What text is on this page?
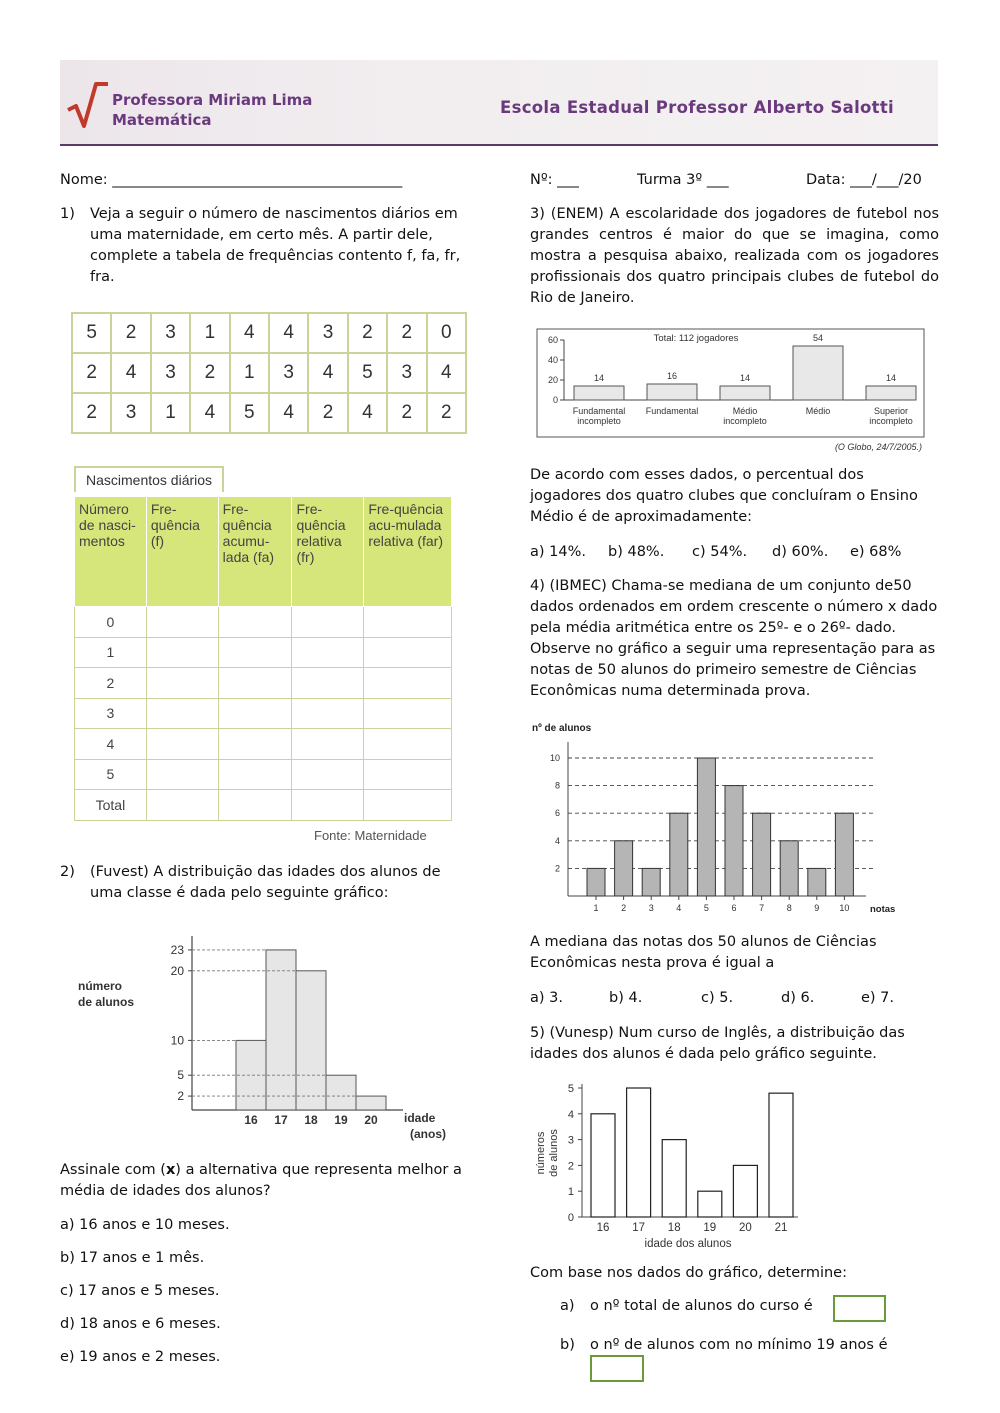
Professora Miriam Lima
Matemática
Escola Estadual Professor Alberto Salotti
Nome: ________________________________________	Nº: ___	Turma 3º ___	Data: ___/___/20
1) Veja a seguir o número de nascimentos diários em uma maternidade, em certo mês. A partir dele, complete a tabela de frequências contento f, fa, fr, fra.
5	2	3	1	4	4	3	2	2	0
2	4	3	2	1	3	4	5	3	4
2	3	1	4	5	4	2	4	2	2
Nascimentos diários
Número de nasci-mentos	Fre-quência (f)	Fre-quência acumu-lada (fa)	Fre-quência relativa (fr)	Fre-quência acu-mulada relativa (far)
0				
1				
2				
3				
4				
5				
Total				
Fonte: Maternidade
2) (Fuvest) A distribuição das idades dos alunos de uma classe é dada pelo seguinte gráfico:
10
16
23
17
20
18
5
19
2
20
número
de alunos
idade
(anos)
Assinale com (x) a alternativa que representa melhor a média de idades dos alunos?
a) 16 anos e 10 meses.
b) 17 anos e 1 mês.
c) 17 anos e 5 meses.
d) 18 anos e 6 meses.
e) 19 anos e 2 meses.
3) (ENEM) A escolaridade dos jogadores de futebol nos grandes centros é maior do que se imagina, como mostra a pesquisa abaixo, realizada com os jogadores profissionais dos quatro principais clubes de futebol do Rio de Janeiro.
0
20
40
60	Total: 112 jogadores
14
Fundamental
incompleto
16
Fundamental
14
Médio
incompleto
54
Médio
14
Superior
incompleto
(O Globo, 24/7/2005.)
De acordo com esses dados, o percentual dos jogadores dos quatro clubes que concluíram o Ensino Médio é de aproximadamente:
a) 14%. b) 48%. c) 54%. d) 60%. e) 68%
4) (IBMEC) Chama-se mediana de um conjunto de50 dados ordenados em ordem crescente o número x dado pela média aritmética entre os 25º- e o 26º- dado. Observe no gráfico a seguir uma representação para as notas de 50 alunos do primeiro semestre de Ciências Econômicas numa determinada prova.
nº de alunos
2
4
6
8
10
1	2	3	4	5	6	7	8	9 10 notas
A mediana das notas dos 50 alunos de Ciências Econômicas nesta prova é igual a
a) 3.	b) 4.	c) 5.	d) 6.	e) 7.
5) (Vunesp) Num curso de Inglês, a distribuição das idades dos alunos é dada pelo gráfico seguinte.
0
1
2
3
4
5
números de alunos
16 17 18 19 20 21
idade dos alunos
Com base nos dados do gráfico, determine:
a) o nº total de alunos do curso é
b) o nº de alunos com no mínimo 19 anos é
